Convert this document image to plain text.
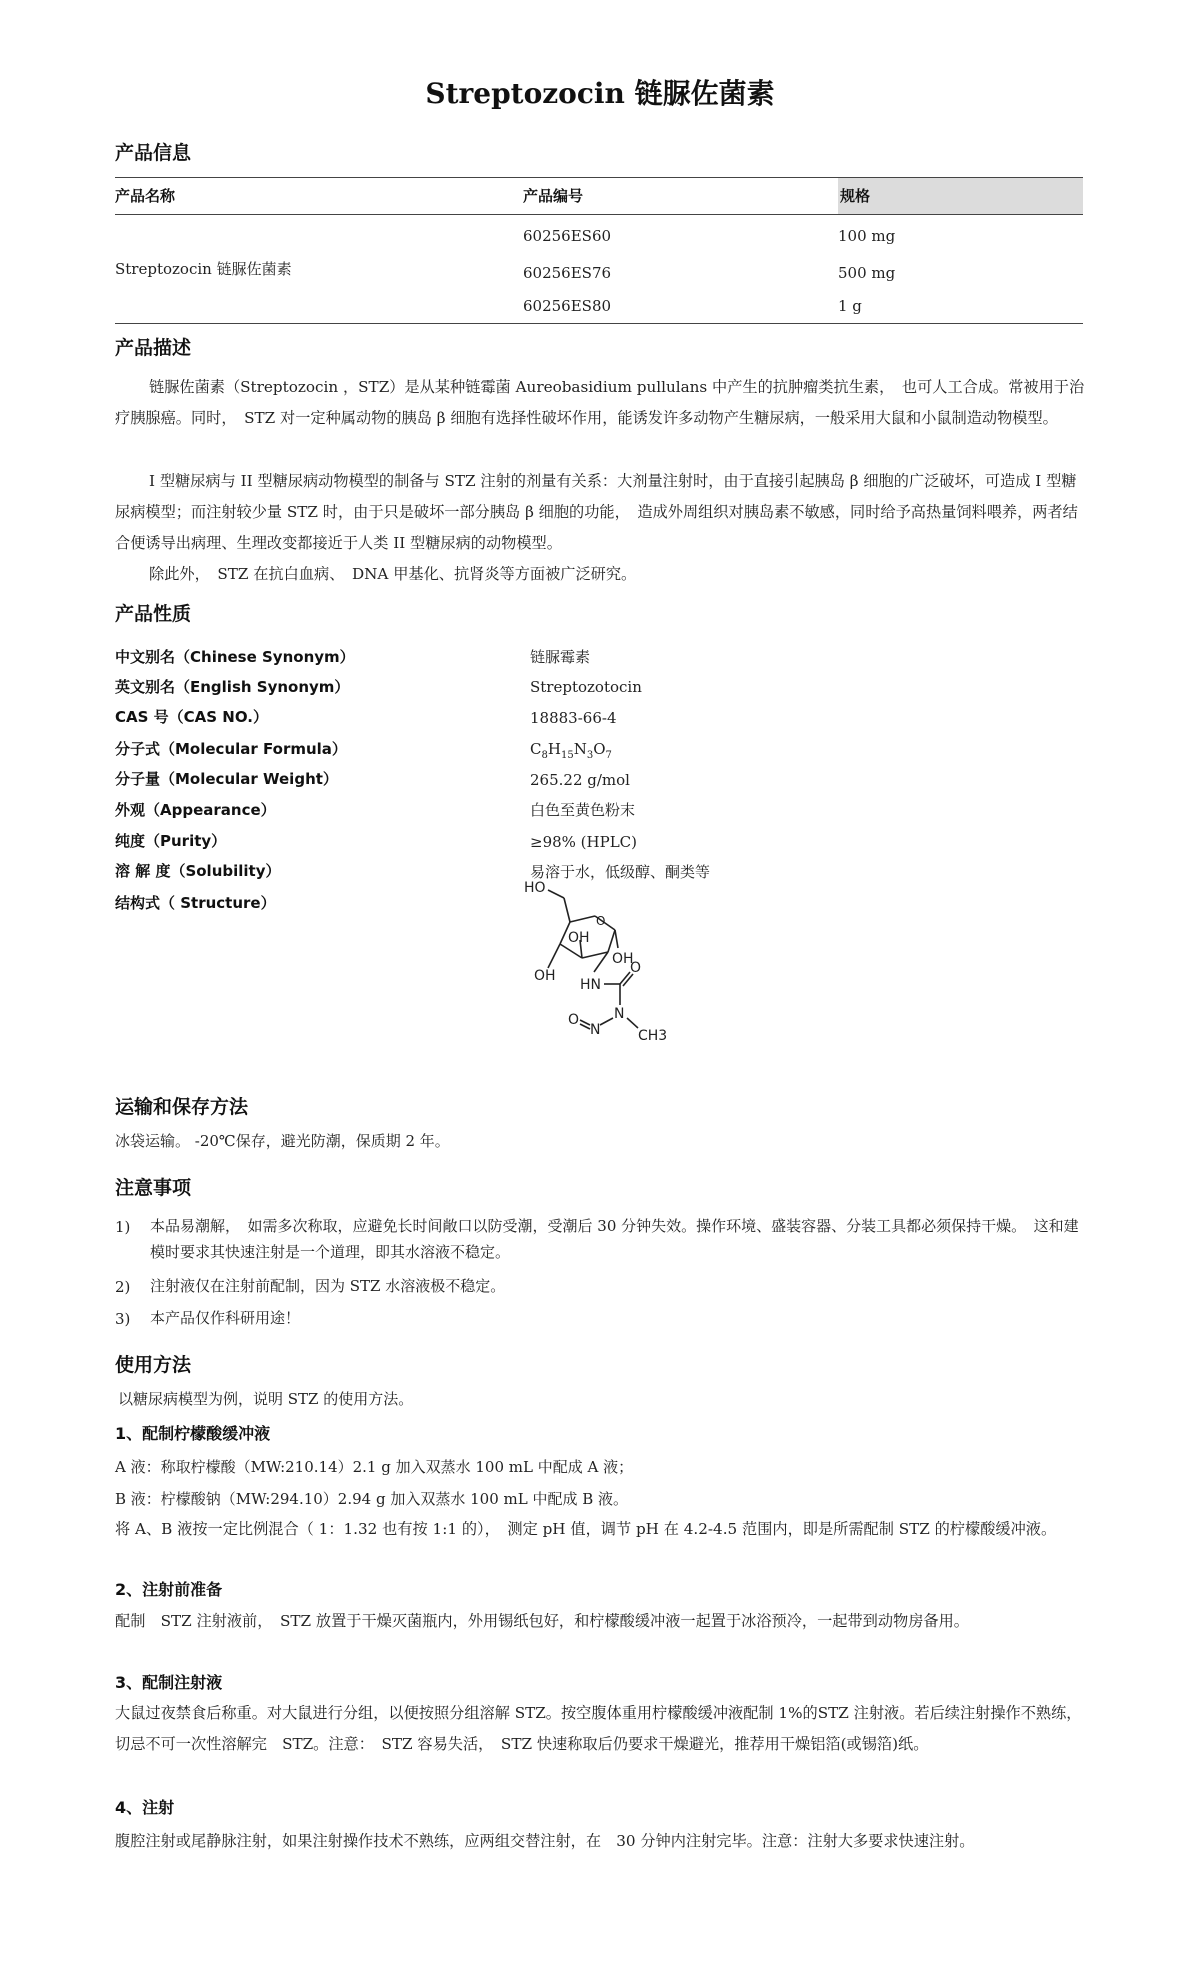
Streptozocin 链脲佐菌素
产品信息
产品名称	产品编号	规格
Streptozocin 链脲佐菌素
60256ES60	100 mg
60256ES76	500 mg
60256ES80	1 g
产品描述
链脲佐菌素（Streptozocin ，STZ）是从某种链霉菌 Aureobasidium pullulans 中产生的抗肿瘤类抗生素，　也可人工合成。常被用于治疗胰腺癌。同时，　STZ 对一定种属动物的胰岛 β 细胞有选择性破坏作用，能诱发许多动物产生糖尿病，一般采用大鼠和小鼠制造动物模型。
I 型糖尿病与 II 型糖尿病动物模型的制备与 STZ 注射的剂量有关系：大剂量注射时，由于直接引起胰岛 β 细胞的广泛破坏，可造成 I 型糖尿病模型；而注射较少量 STZ 时，由于只是破坏一部分胰岛 β 细胞的功能，　造成外周组织对胰岛素不敏感，同时给予高热量饲料喂养，两者结合便诱导出病理、生理改变都接近于人类 II 型糖尿病的动物模型。
除此外，　STZ 在抗白血病、　DNA 甲基化、抗肾炎等方面被广泛研究。
产品性质
中文别名（Chinese Synonym）	链脲霉素
英文别名（English Synonym）	Streptozotocin
CAS 号（CAS NO.）	18883-66-4
分子式（Molecular Formula）	$C_8H_{15}N_3O_7$
分子量（Molecular Weight）	265.22 g/mol
外观（Appearance）	白色至黄色粉末
纯度（Purity）	≥98% (HPLC)
溶 解 度（Solubility）	易溶于水，低级醇、酮类等
结构式（ Structure）
HO
O
OH
OH
OH
HN
O
N
O
N	CH3
运输和保存方法
冰袋运输。 -20℃保存，避光防潮，保质期 2 年。
注意事项
1) 本品易潮解，　如需多次称取，应避免长时间敞口以防受潮，受潮后 30 分钟失效。操作环境、盛装容器、分装工具都必须保持干燥。　这和建模时要求其快速注射是一个道理，即其水溶液不稳定。
2) 注射液仅在注射前配制，因为 STZ 水溶液极不稳定。
3) 本产品仅作科研用途！
使用方法
以糖尿病模型为例，说明 STZ 的使用方法。
1、配制柠檬酸缓冲液
A 液：称取柠檬酸（MW:210.14）2.1 g 加入双蒸水 100 mL 中配成 A 液；
B 液：柠檬酸钠（MW:294.10）2.94 g 加入双蒸水 100 mL 中配成 B 液。
将 A、B 液按一定比例混合（ 1：1.32 也有按 1:1 的），　测定 pH 值，调节 pH 在 4.2-4.5 范围内，即是所需配制 STZ 的柠檬酸缓冲液。
2、注射前准备
配制　STZ 注射液前，　STZ 放置于干燥灭菌瓶内，外用锡纸包好，和柠檬酸缓冲液一起置于冰浴预冷，一起带到动物房备用。
3、配制注射液
大鼠过夜禁食后称重。对大鼠进行分组，以便按照分组溶解 STZ。按空腹体重用柠檬酸缓冲液配制 1%的STZ 注射液。若后续注射操作不熟练，切忌不可一次性溶解完　STZ。注意：　STZ 容易失活，　STZ 快速称取后仍要求干燥避光，推荐用干燥铝箔(或锡箔)纸。
4、注射
腹腔注射或尾静脉注射，如果注射操作技术不熟练，应两组交替注射，在　30 分钟内注射完毕。注意：注射大多要求快速注射。
